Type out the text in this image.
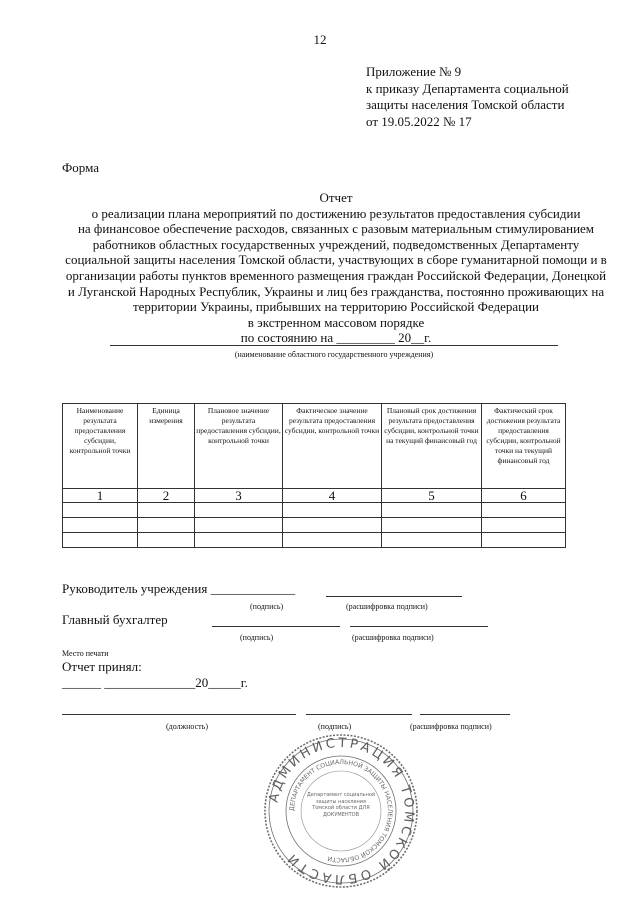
12
Приложение № 9
к приказу Департамента социальной
защиты населения Томской области
от 19.05.2022 № 17
Форма
Отчет
о реализации плана мероприятий по достижению результатов предоставления субсидии
на финансовое обеспечение расходов, связанных с разовым материальным стимулированием
работников областных государственных учреждений, подведомственных Департаменту
социальной защиты населения Томской области, участвующих в сборе гуманитарной помощи и в
организации работы пунктов временного размещения граждан Российской Федерации, Донецкой
и Луганской Народных Республик, Украины и лиц без гражданства, постоянно проживающих на
территории Украины, прибывших на территорию Российской Федерации
в экстренном массовом порядке
по состоянию на _________ 20__г.
(наименование областного государственного учреждения)
Наименование результата предоставления субсидии, контрольной точки	Единица измерения	Плановое значение результата предоставления субсидии, контрольной точки	Фактическое значение результата предоставления субсидии, контрольной точки	Плановый срок достижения результата предоставления субсидии, контрольной точки на текущий финансовый год	Фактический срок достижения результата предоставления субсидии, контрольной точки на текущий финансовый год
1	2	3	4	5	6

Руководитель учреждения _____________
(подпись)	(расшифровка подписи)
Главный бухгалтер
(подпись)	(расшифровка подписи)
Место печати
Отчет принял:
______ ______________20_____г.
(должность)	(подпись)	(расшифровка подписи)
АДМИНИСТРАЦИЯ ТОМСКОЙ ОБЛАСТИ
ДЕПАРТАМЕНТ СОЦИАЛЬНОЙ ЗАЩИТЫ НАСЕЛЕНИЯ ТОМСКОЙ ОБЛАСТИ
Департамент социальной защиты населения Томской области ДЛЯ ДОКУМЕНТОВ
